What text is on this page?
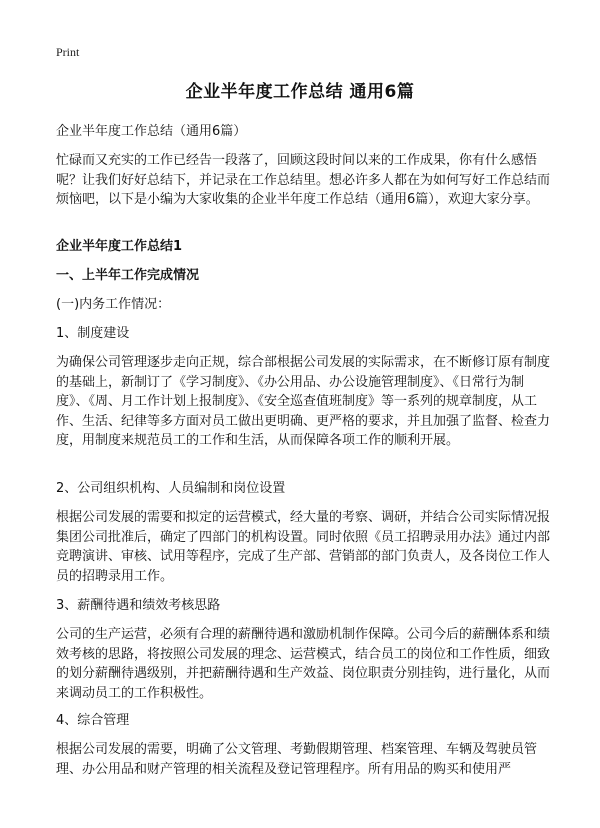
Print
企业半年度工作总结 通用6篇

企业半年度工作总结（通用6篇）

忙碌而又充实的工作已经告一段落了，回顾这段时间以来的工作成果，你有什么感悟呢？让我们好好总结下，并记录在工作总结里。想必许多人都在为如何写好工作总结而烦恼吧，以下是小编为大家收集的企业半年度工作总结（通用6篇），欢迎大家分享。

企业半年度工作总结1

一、上半年工作完成情况

(一)内务工作情况：

1、制度建设

为确保公司管理逐步走向正规，综合部根据公司发展的实际需求，在不断修订原有制度的基础上，新制订了《学习制度》、《办公用品、办公设施管理制度》、《日常行为制度》、《周、月工作计划上报制度》、《安全巡查值班制度》等一系列的规章制度，从工作、生活、纪律等多方面对员工做出更明确、更严格的要求，并且加强了监督、检查力度，用制度来规范员工的工作和生活，从而保障各项工作的顺利开展。

2、公司组织机构、人员编制和岗位设置

根据公司发展的需要和拟定的运营模式，经大量的考察、调研，并结合公司实际情况报集团公司批准后，确定了四部门的机构设置。同时依照《员工招聘录用办法》通过内部竞聘演讲、审核、试用等程序，完成了生产部、营销部的部门负责人，及各岗位工作人员的招聘录用工作。

3、薪酬待遇和绩效考核思路

公司的生产运营，必须有合理的薪酬待遇和激励机制作保障。公司今后的薪酬体系和绩效考核的思路，将按照公司发展的理念、运营模式，结合员工的岗位和工作性质，细致的划分薪酬待遇级别，并把薪酬待遇和生产效益、岗位职责分别挂钩，进行量化，从而来调动员工的工作积极性。

4、综合管理

根据公司发展的需要，明确了公文管理、考勤假期管理、档案管理、车辆及驾驶员管理、办公用品和财产管理的相关流程及登记管理程序。所有用品的购买和使用严
